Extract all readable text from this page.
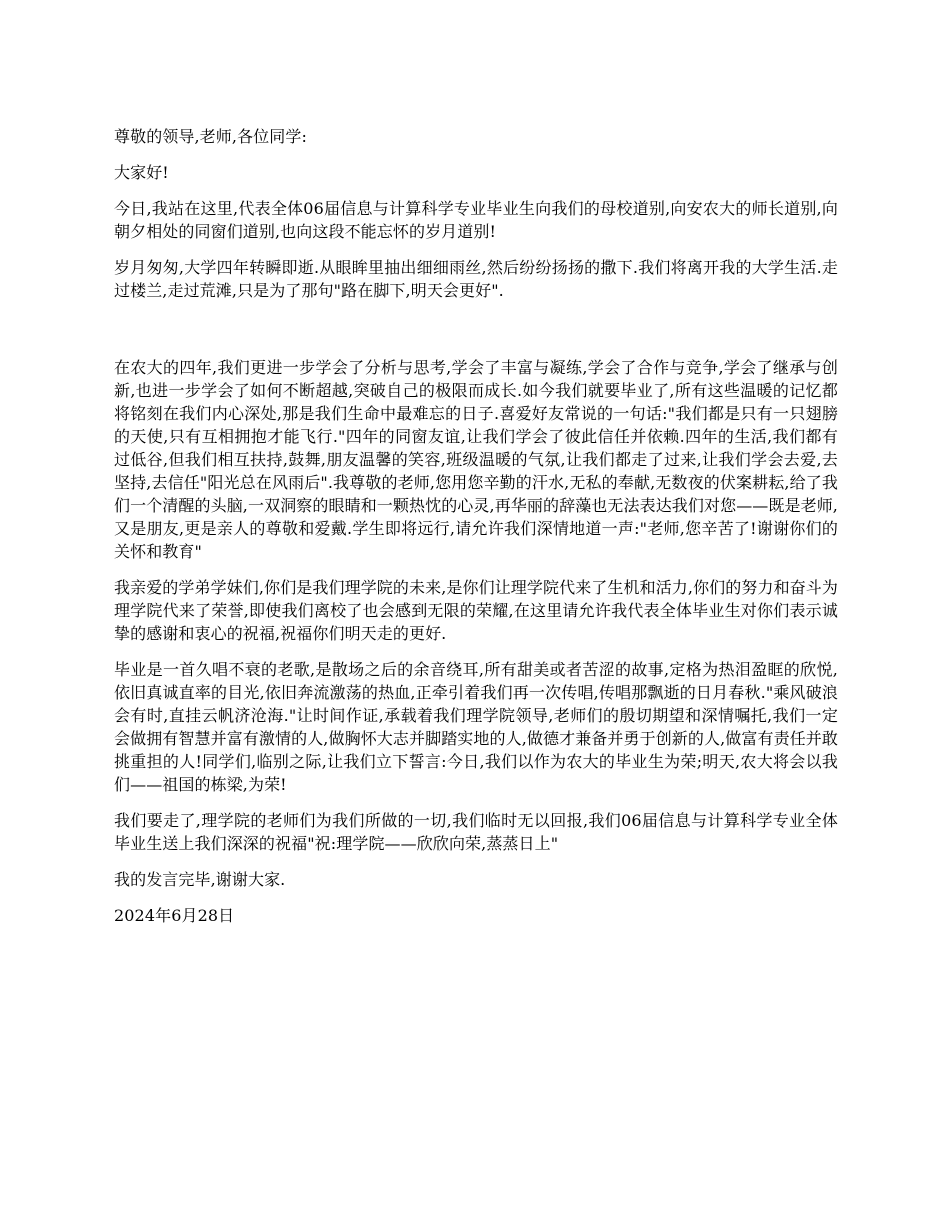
尊敬的领导,老师,各位同学:

大家好!

今日,我站在这里,代表全体06届信息与计算科学专业毕业生向我们的母校道别,向安农大的师长道别,向朝夕相处的同窗们道别,也向这段不能忘怀的岁月道别!

岁月匆匆,大学四年转瞬即逝.从眼眸里抽出细细雨丝,然后纷纷扬扬的撒下.我们将离开我的大学生活.走过楼兰,走过荒滩,只是为了那句"路在脚下,明天会更好".

在农大的四年,我们更进一步学会了分析与思考,学会了丰富与凝练,学会了合作与竞争,学会了继承与创新,也进一步学会了如何不断超越,突破自己的极限而成长.如今我们就要毕业了,所有这些温暖的记忆都将铭刻在我们内心深处,那是我们生命中最难忘的日子.喜爱好友常说的一句话:"我们都是只有一只翅膀的天使,只有互相拥抱才能飞行."四年的同窗友谊,让我们学会了彼此信任并依赖.四年的生活,我们都有过低谷,但我们相互扶持,鼓舞,朋友温馨的笑容,班级温暖的气氛,让我们都走了过来,让我们学会去爱,去坚持,去信任"阳光总在风雨后".我尊敬的老师,您用您辛勤的汗水,无私的奉献,无数夜的伏案耕耘,给了我们一个清醒的头脑,一双洞察的眼睛和一颗热忱的心灵,再华丽的辞藻也无法表达我们对您——既是老师,又是朋友,更是亲人的尊敬和爱戴.学生即将远行,请允许我们深情地道一声:"老师,您辛苦了!谢谢你们的关怀和教育"

我亲爱的学弟学妹们,你们是我们理学院的未来,是你们让理学院代来了生机和活力,你们的努力和奋斗为理学院代来了荣誉,即使我们离校了也会感到无限的荣耀,在这里请允许我代表全体毕业生对你们表示诚挚的感谢和衷心的祝福,祝福你们明天走的更好.

毕业是一首久唱不衰的老歌,是散场之后的余音绕耳,所有甜美或者苦涩的故事,定格为热泪盈眶的欣悦,依旧真诚直率的目光,依旧奔流激荡的热血,正牵引着我们再一次传唱,传唱那飘逝的日月春秋."乘风破浪会有时,直挂云帆济沧海."让时间作证,承载着我们理学院领导,老师们的殷切期望和深情嘱托,我们一定会做拥有智慧并富有激情的人,做胸怀大志并脚踏实地的人,做德才兼备并勇于创新的人,做富有责任并敢挑重担的人!同学们,临别之际,让我们立下誓言:今日,我们以作为农大的毕业生为荣;明天,农大将会以我们——祖国的栋梁,为荣!

我们要走了,理学院的老师们为我们所做的一切,我们临时无以回报,我们06届信息与计算科学专业全体毕业生送上我们深深的祝福"祝:理学院——欣欣向荣,蒸蒸日上"

我的发言完毕,谢谢大家.

2024年6月28日
